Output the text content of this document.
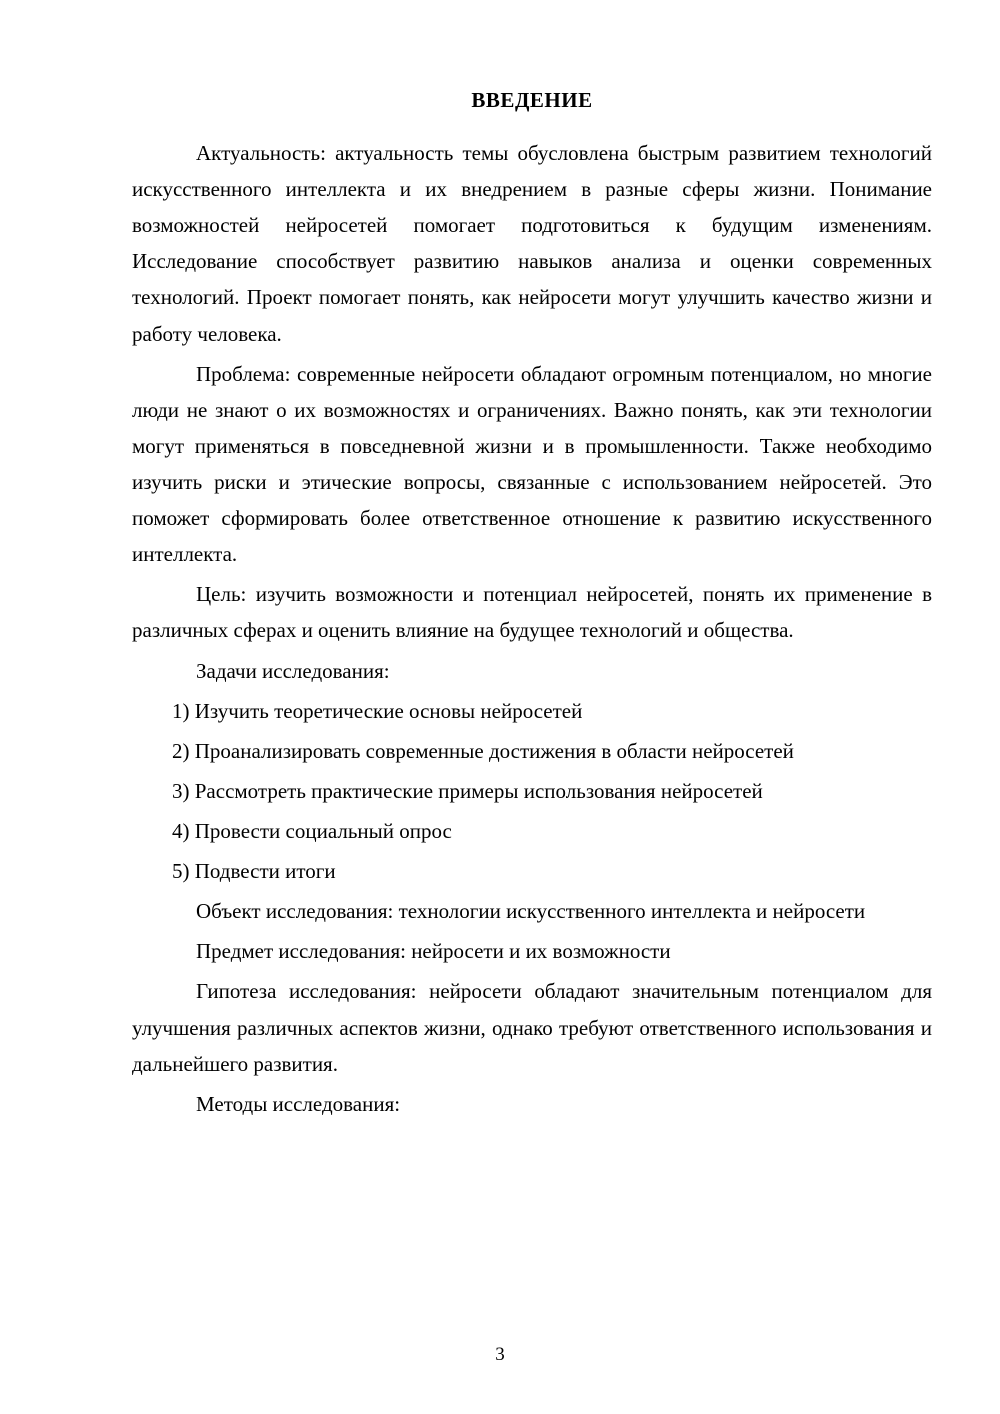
ВВЕДЕНИЕ

Актуальность: актуальность темы обусловлена быстрым развитием технологий искусственного интеллекта и их внедрением в разные сферы жизни. Понимание возможностей нейросетей помогает подготовиться к будущим изменениям. Исследование способствует развитию навыков анализа и оценки современных технологий. Проект помогает понять, как нейросети могут улучшить качество жизни и работу человека.

Проблема: современные нейросети обладают огромным потенциалом, но многие люди не знают о их возможностях и ограничениях. Важно понять, как эти технологии могут применяться в повседневной жизни и в промышленности. Также необходимо изучить риски и этические вопросы, связанные с использованием нейросетей. Это поможет сформировать более ответственное отношение к развитию искусственного интеллекта.

Цель: изучить возможности и потенциал нейросетей, понять их применение в различных сферах и оценить влияние на будущее технологий и общества.

Задачи исследования:

1) Изучить теоретические основы нейросетей

2) Проанализировать современные достижения в области нейросетей

3) Рассмотреть практические примеры использования нейросетей

4) Провести социальный опрос

5) Подвести итоги

Объект исследования: технологии искусственного интеллекта и нейросети

Предмет исследования: нейросети и их возможности

Гипотеза исследования: нейросети обладают значительным потенциалом для улучшения различных аспектов жизни, однако требуют ответственного использования и дальнейшего развития.

Методы исследования:

3
